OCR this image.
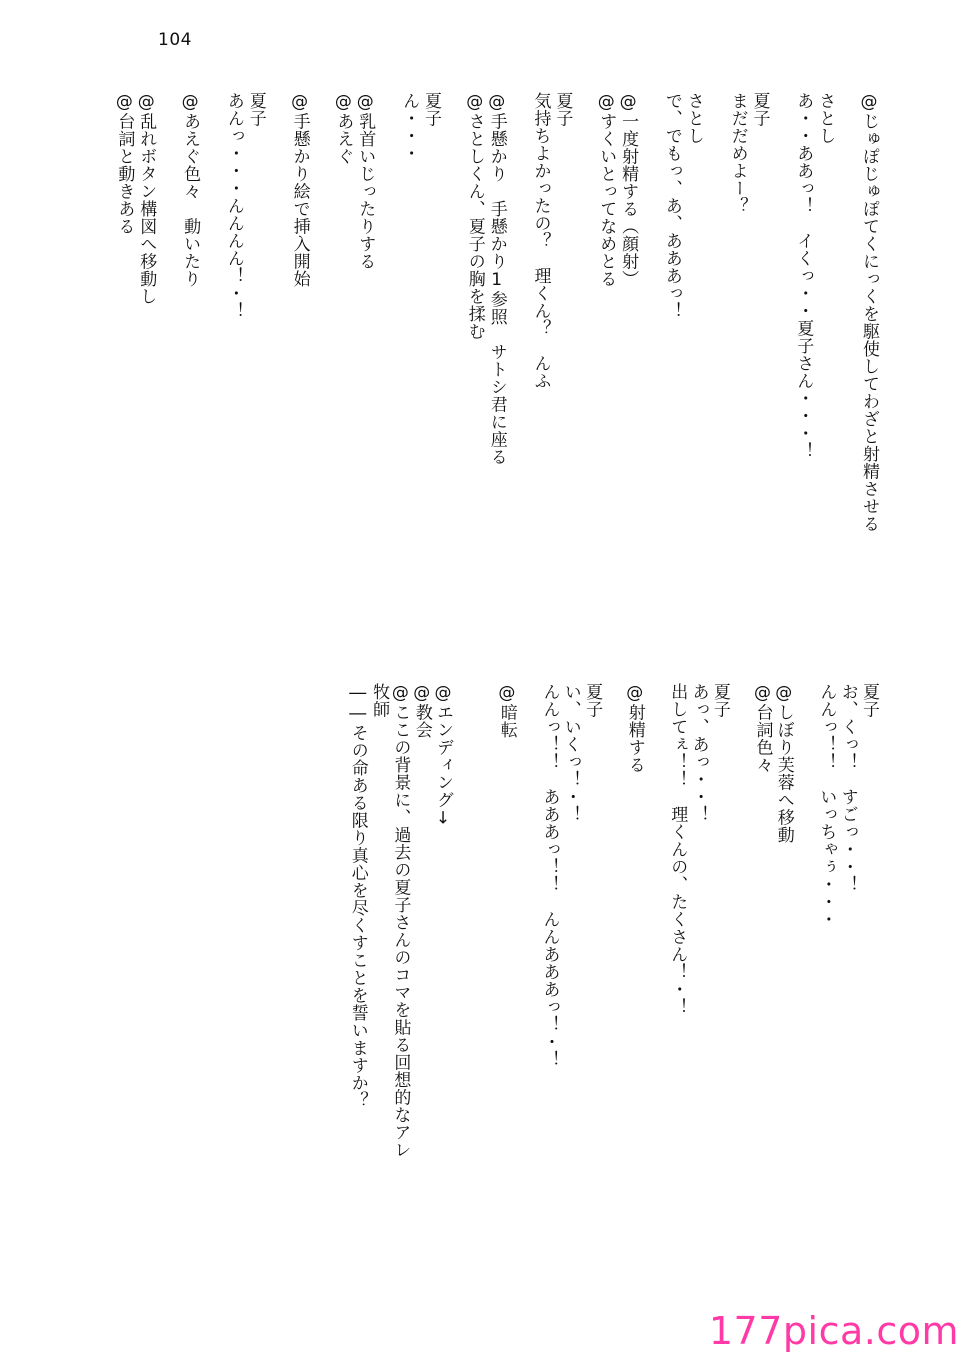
104
@じゅぽじゅぽてくにっくを駆使してわざと射精させる
さとし
あ・・ああっ！　イくっ・・夏子さん・・・！
夏子
まだだめよー？
さとし
で、でもっ、あ、あああっ！
@一度射精する（顔射）
@すくいとってなめとる
夏子
気持ちよかったの？　理くん？　んふ
@手懸かり　手懸かり1参照　サトシ君に座る
@さとしくん、夏子の胸を揉む
夏子
ん・・・
@乳首いじったりする
@あえぐ
@手懸かり絵で挿入開始
夏子
あんっ・・・んんんん！・！
@あえぐ色々　動いたり
@乱れボタン構図へ移動し
@台詞と動きある
夏子
お、くっ！　すごっ・・！
んんっ！！　いっちゃぅ・・・
@しぼり芙蓉へ移動
@台詞色々
夏子
あっ、あっ・・！
出してぇ！！　理くんの、たくさん！・！
@射精する
夏子
い、いくっ！・！
んんっ！！　あああっ！！　んんあああっ！・！
@暗転
@エンディング↓
@教会
@ここの背景に、過去の夏子さんのコマを貼る回想的なアレ
牧師
――その命ある限り真心を尽くすことを誓いますか？
177pica.com
